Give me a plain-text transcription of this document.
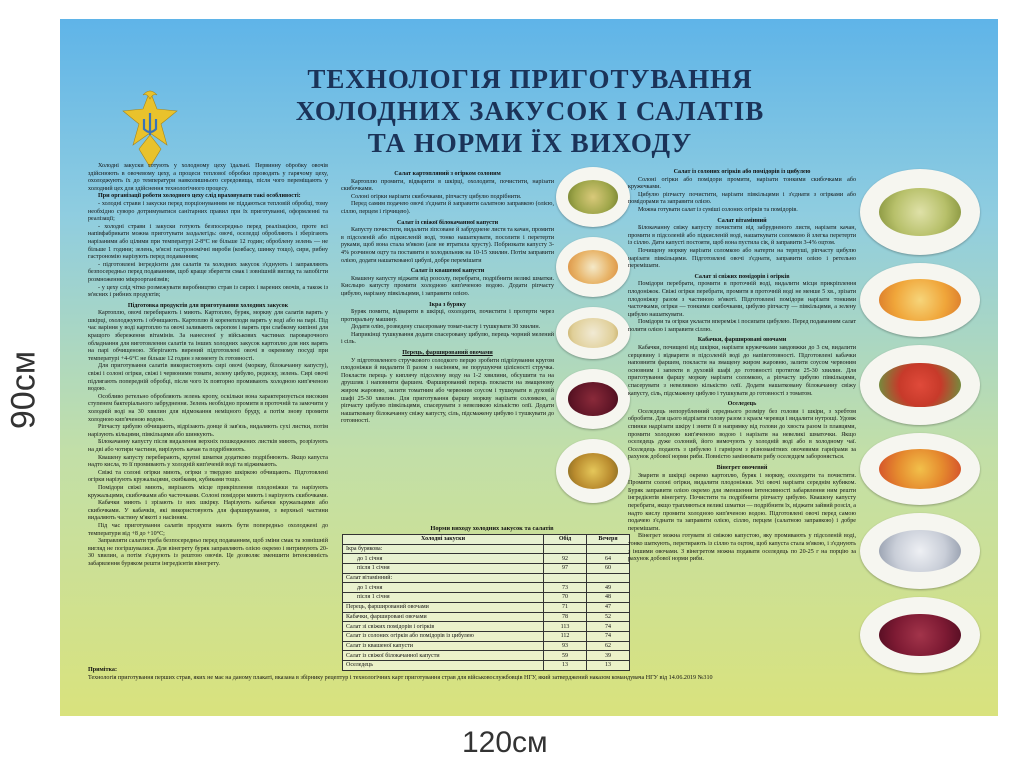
90см
120см
ТЕХНОЛОГІЯ ПРИГОТУВАННЯ
ХОЛОДНИХ ЗАКУСОК І САЛАТІВ
ТА НОРМИ ЇХ ВИХОДУ

Холодні закуски готують у холодному цеху їдальні. Первинну обробку овочів здійснюють в овочевому цеху, а процеси теплової обробки проводять у гарячому цеху, охолоджують їх до температури навколишнього середовища, після чого переміщають у холодний цех для здійснення технологічного процесу.

При організації роботи холодного цеху слід враховувати такі особливості:

- холодні страви і закуски перед порціонуванням не піддаються тепловій обробці, тому необхідно суворо дотримуватися санітарних правил при їх приготуванні, оформленні та реалізації;

- холодні страви і закуски готують безпосередньо перед реалізацією, проте всі напівфабрикати можна приготувати заздалегідь: овочі, оселедці обробляють і зберігають нарізаними або цілими при температурі 2-8°С не більше 12 годин; оброблену зелень — не більше 1 години; зелень, м'ясні гастрономічні вироби (ковбасу, шинку тощо), сири, рибну гастрономію нарізують перед подаванням;

- підготовлені інгредієнти для салатів та холодних закусок з'єднують і заправляють безпосередньо перед подаванням, щоб краще зберегти смак і зовнішній вигляд та запобігти розмноженню мікроорганізмів;

- у цеху слід чітко розмежувати виробництво страв із сирих і варених овочів, а також із м'ясних і рибних продуктів;

Підготовка продуктів для приготування холодних закусок

Картоплю, овочі перебирають і миють. Картоплю, буряк, моркву для салатів варять у шкірці, охолоджують і обчищають. Картоплю й коренеплоди варять у воді або на парі. Під час варіння у воді картоплю та овочі заливають окропом і варять при слабкому кипінні для кращого збереження вітамінів. За нанесеної у військових частинах пароварочного обладнання для виготовлення салатів та інших холодних закусок картоплю для них варять на парі обчищеною. Зберігають вирений підготовлені овочі в окремому посуді при температурі +4-6°С не більше 12 годин з моменту їх готовності.

Для приготування салатів використовують сирі овочі (моркву, білокачанну капусту), свіжі і солоні огірки, свіжі і червонимн томати, зелену цибулю, редиску, зелень. Сирі овочі підлягають попередній обробці, після чого їх повторно промивають холодною кип'яченою водою.

Особливо ретельно обробляють зелень кропу, оскільки вона характеризується високим ступенем бактеріального забруднення. Зелень необхідно промити в проточній та замочити у холодній воді на 30 хвилин для відмокання неміцного бруду, а потім знову промити холодною кип'яченою водою.

Ріпчасту цибулю обчищають, відрізають донце й зав'язь, видаляють сухі листки, потім нарізують кільцями, півкільцями або шинкують.

Білокачанну капусту після видалення верхніх пошкоджених листків миють, розрізують на дві або чотири частини, вирізують качан та подрібнюють.

Квашену капусту перебирають, крупні шматки додатково подрібнюють. Якщо капуста надто кисла, то її промивають у холодній кип'яченій воді та віджимають.

Свіжі та солоні огірки миють, огірки з твердою шкіркою обчищають. Підготовлені огірки нарізують кружальцями, скибками, кубиками тощо.

Помідори свіжі миють, вирізають місце прикріплення плодоніжки та нарізують кружальцями, скибочками або часточками. Солоні помідори миють і нарізують скибочками.

Кабачки миють і зрізають із них шкірку. Нарізують кабачки кружальцями або скибочками. У кабачків, які використовують для фарширування, з верхньої частини видаляють частину м'якоті з насінням.

Під час приготування салатів продукти мають бути попередньо охолоджені до температури від +8 до +10°С;

Заправляти салати треба безпосередньо перед подаванням, щоб зміни смак та зовнішній вигляд не погіршувалися. Для вінегрету буряк заправляють олією окремо і витримують 20-30 хвилин, а потім з'єднують із рештою овочів. Це дозволяє зменшити інтенсивність забарвлення буряком решти інгредієнтів вінегрету.

Салат картопляний з огірком солоним

Картоплю промити, відварити в шкірці, охолодити, почистити, нарізати скибочками.

Солоні огірки нарізати скибочками, ріпчасту цибулю подрібнити.

Перед самим подачею овочі з'єднати й заправити салатною заправкою (олією, сіллю, перцем і гірчицею).

Салат із свіжої білокачанної капусти

Капусту почистити, видалити зіпсоване й забруднене листя та качан, промити в підсоленій або підкисленій воді, тонко нашаткувати, посолити і перетерти руками, щоб вона стала м'якою (але не втратила хрусту). Побризкати капусту 3-4% розчином оцту та поставити в холодильник на 10-15 хвилин. Потім заправити олією, додати нашаткованої цибулі, добре перемішати

Салат із квашеної капусти

Квашену капусту віджати від розсолу, перебрати, подрібнити великі шматки. Кисльцю капусту промити холодною кип'яченою водою. Додати ріпчасту цибулю, нарізану півкільцями, і заправити олією.

Ікра з буряку

Буряк помити, відварити в шкірці, охолодити, почистити і протерти через протиральну машину.

Додати олію, розведену спасеровану томат-пасту і тушкувати 30 хвилин.

Наприкінці тушкування додати спасеровану цибулю, перець чорний мелений і сіль.

Перець, фарширований овочами

У підготовленого стручкового солодкого перцю зробити підрізування кругом плодоніжки й видалити її разом з насінням, не порушуючи цілісності стручка. Покласти перець у киплячу підсолену воду на 1-2 хвилини, обсушити та на друшляк і наповнити фаршем. Фарширований перець покласти на змащеному жиром жаровню, залити томатним або червоним соусом і тушкувати в духовій шафі 25-30 хвилин. Для приготування фаршу моркву нарізати соломкою, а ріпчасту цибулю півкільцями, спасерувати з невеликою кількістю олії. Додати нашатковану білокачанну свіжу капусту, сіль, підсмажену цибулю і тушкувати до готовності.

Норми виходу холодних закусок та салатів
Холодні закуски	Обід	Вечеря
Ікра бурякова:		
до 1 січня	92	64
після 1 січня	97	60
Салат вітамінний:		
до 1 січня	73	49
після 1 січня	70	48
Перець, фарширований овочами	71	47
Кабачки, фаршировані овочами	78	52
Салат зі свіжих помідорів і огірків	113	74
Салат із солоних огірків або помідорів із цибулею	112	74
Салат із квашеної капусти	93	62
Салат із свіжої білокачанної капусти	59	39
Оселедець	13	13

Салат із солоних огірків або помідорів із цибулею

Солоні огірки або помідори промити, нарізати тонкими скибочками або кружечками.

Цибулю ріпчасту почистити, нарізати півкільцями і з'єднати з огірками або помідорами та заправити олією.

Можна готувати салат із суміші солоних огірків та помідорів.

Салат вітамінний

Білокачанну свіжу капусту почистити від забрудненого листя, нарізати качан, промити в підсоленій або підкисленій воді, нашаткувати соломкою й злегка перетерти із сіллю. Дати капусті постояти, щоб вона пустила сік, й заправити 3-4% оцтом.

Почищену моркву нарізати соломкою або натерти на терпуші, ріпчасту цибулю нарізати півкільцями. Підготовлені овочі з'єднати, заправити олією і ретельно перемішати.

Салат зі свіжих помідорів і огірків

Помідори перебрати, промити в проточній воді, видалити місця прикріплення плодоніжок. Свіжі огірки перебрати, промити в проточній воді не менше 5 хв., зрізати плодоніжку разом з частиною м'якоті. Підготовлені помідори нарізати тонкими часточками, огірки — тонкими скибочками, цибулю ріпчасту — півкільцями, а зелену цибулю нашаткувати.

Помідори та огірки укласти впереміж і посипати цибулею. Перед подаванням салат полити олією і заправити сіллю.

Кабачки, фаршировані овочами

Кабачки, почищені від шкірки, нарізати кружечками завдовжки до 3 см, видалити серцевину і відварити в підсоленій воді до напівготовності. Підготовлені кабачки наповнити фаршем, покласти на змащену жиром жаровню, залити соусом червоним основним і запекти в духовій шафі до готовності протягом 25-30 хвилин. Для приготування фаршу моркву нарізати соломкою, а ріпчасту цибулю півкільцями, спасерувати з невеликою кількістю олії. Додати нашатковану білокачанну свіжу капусту, сіль, підсмажену цибулю і тушкувати до готовності з томатом.

Оселедець

Оселедець непорубленний середнього розміру без голови і шкіри, з хребтом обробити. Для цього відрізати голову разом з краєм черевця і видалити нутрощі. Удовж спинки надрізати шкіру і зняти її в напрямку від голови до хвоста разом із плавцями, промити холодною кип'яченою водою і нарізати на невеликі шматочки. Якщо оселедець дуже солоний, його вимочують у холодній воді або в холодному чаї. Оселедець подають з цибулею і гарніром з різноманітних овочевими гарнірами за рахунок добової норми риби. Повністю замінювати рибу оселедцем забороняється.

Вінегрет овочевий

Зварити в шкірці окремо картоплю, буряк і моркву, охолодити та почистити. Промити солоні огірки, видалити плодоніжки. Усі овочі нарізати середнім кубиком. Буряк заправити олією окремо для зменшення інтенсивності забарвлення ним решти інгредієнтів вінегрету. Почистити та подрібнити ріпчасту цибулю. Квашену капусту перебрати, якщо трапляються великі шматки — подрібнити їх, віджати зайвий розсіл, а надто кислу промити холодною кип'яченою водою. Підготовлені овочі перед самою подачею з'єднати та заправити олією, сіллю, перцем (салатною заправкою) і добре перемішати.

Вінегрет можна готувати зі свіжою капустою, яку промивають у підсоленій воді, тонко шаткують, перетирають із сіллю та оцтом, щоб капуста стала м'якою, і з'єднують з іншими овочами. З вінегретом можна подавати оселедець по 20-25 г на порцію за рахунок добової норми риби.

Примітка:
Технологія приготування перших страв, яких не має на даному плакаті, вказана в збірнику рецептур і технологічних карт приготування страв для військовослужбовців НГУ, який затверджений наказом командувача НГУ від 14.06.2019 №310
